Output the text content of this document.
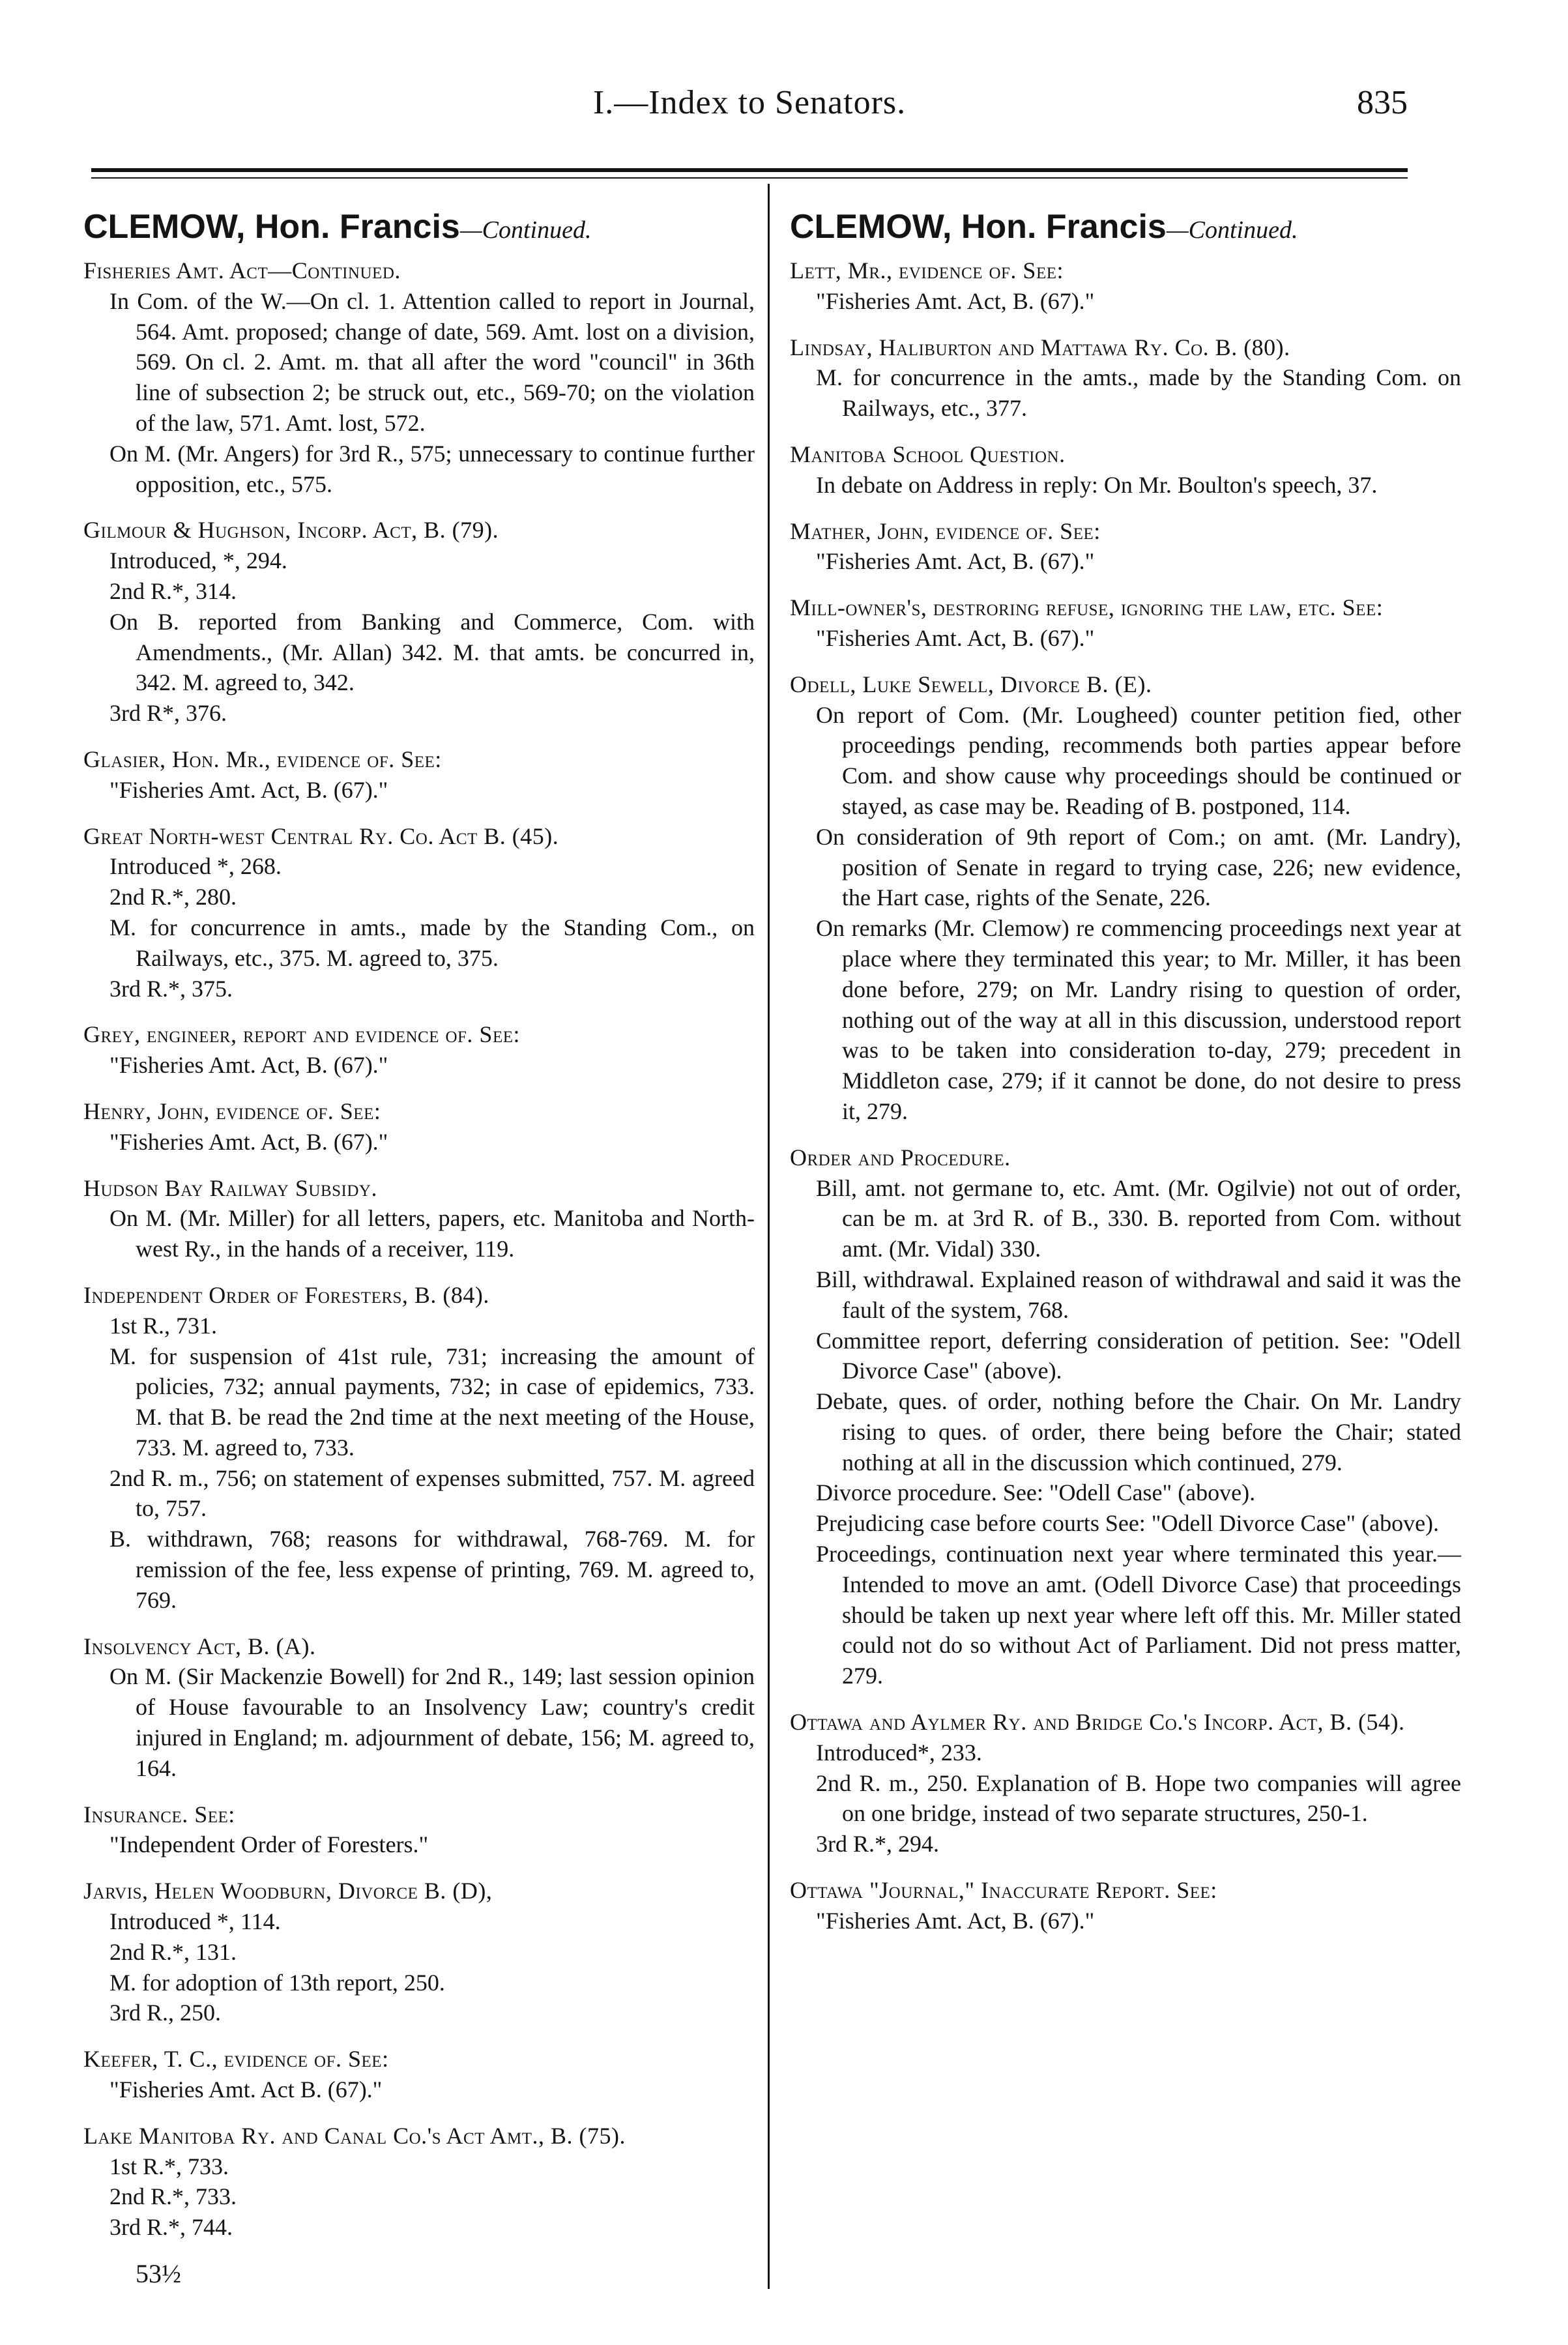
I.—Index to Senators.	835
CLEMOW, Hon. Francis—Continued.
Fisheries Amt. Act—Continued.
In Com. of the W.—On cl. 1. Attention called to report in Journal, 564. Amt. proposed; change of date, 569. Amt. lost on a division, 569. On cl. 2. Amt. m. that all after the word "council" in 36th line of subsection 2; be struck out, etc., 569-70; on the violation of the law, 571. Amt. lost, 572.
On M. (Mr. Angers) for 3rd R., 575; unnecessary to continue further opposition, etc., 575.
Gilmour & Hughson, Incorp. Act, B. (79).
Introduced, *, 294.
2nd R.*, 314.
On B. reported from Banking and Commerce, Com. with Amendments., (Mr. Allan) 342. M. that amts. be concurred in, 342. M. agreed to, 342.
3rd R*, 376.
Glasier, Hon. Mr., evidence of. See:
"Fisheries Amt. Act, B. (67)."
Great North-west Central Ry. Co. Act B. (45).
Introduced *, 268.
2nd R.*, 280.
M. for concurrence in amts., made by the Standing Com., on Railways, etc., 375. M. agreed to, 375.
3rd R.*, 375.
Grey, engineer, report and evidence of. See:
"Fisheries Amt. Act, B. (67)."
Henry, John, evidence of. See:
"Fisheries Amt. Act, B. (67)."
Hudson Bay Railway Subsidy.
On M. (Mr. Miller) for all letters, papers, etc. Manitoba and North-west Ry., in the hands of a receiver, 119.
Independent Order of Foresters, B. (84).
1st R., 731.
M. for suspension of 41st rule, 731; increasing the amount of policies, 732; annual payments, 732; in case of epidemics, 733. M. that B. be read the 2nd time at the next meeting of the House, 733. M. agreed to, 733.
2nd R. m., 756; on statement of expenses submitted, 757. M. agreed to, 757.
B. withdrawn, 768; reasons for withdrawal, 768-769. M. for remission of the fee, less expense of printing, 769. M. agreed to, 769.
Insolvency Act, B. (A).
On M. (Sir Mackenzie Bowell) for 2nd R., 149; last session opinion of House favourable to an Insolvency Law; country's credit injured in England; m. adjournment of debate, 156; M. agreed to, 164.
Insurance. See:
"Independent Order of Foresters."
Jarvis, Helen Woodburn, Divorce B. (D),
Introduced *, 114.
2nd R.*, 131.
M. for adoption of 13th report, 250.
3rd R., 250.
Keefer, T. C., evidence of. See:
"Fisheries Amt. Act B. (67)."
Lake Manitoba Ry. and Canal Co.'s Act Amt., B. (75).
1st R.*, 733.
2nd R.*, 733.
3rd R.*, 744.
53½
CLEMOW, Hon. Francis—Continued.
Lett, Mr., evidence of. See:
"Fisheries Amt. Act, B. (67)."
Lindsay, Haliburton and Mattawa Ry. Co. B. (80).
M. for concurrence in the amts., made by the Standing Com. on Railways, etc., 377.
Manitoba School Question.
In debate on Address in reply: On Mr. Boulton's speech, 37.
Mather, John, evidence of. See:
"Fisheries Amt. Act, B. (67)."
Mill-owner's, destroring refuse, ignoring the law, etc. See:
"Fisheries Amt. Act, B. (67)."
Odell, Luke Sewell, Divorce B. (E).
On report of Com. (Mr. Lougheed) counter petition fied, other proceedings pending, recommends both parties appear before Com. and show cause why proceedings should be continued or stayed, as case may be. Reading of B. postponed, 114.
On consideration of 9th report of Com.; on amt. (Mr. Landry), position of Senate in regard to trying case, 226; new evidence, the Hart case, rights of the Senate, 226.
On remarks (Mr. Clemow) re commencing proceedings next year at place where they terminated this year; to Mr. Miller, it has been done before, 279; on Mr. Landry rising to question of order, nothing out of the way at all in this discussion, understood report was to be taken into consideration to-day, 279; precedent in Middleton case, 279; if it cannot be done, do not desire to press it, 279.
Order and Procedure.
Bill, amt. not germane to, etc. Amt. (Mr. Ogilvie) not out of order, can be m. at 3rd R. of B., 330. B. reported from Com. without amt. (Mr. Vidal) 330.
Bill, withdrawal. Explained reason of withdrawal and said it was the fault of the system, 768.
Committee report, deferring consideration of petition. See: "Odell Divorce Case" (above).
Debate, ques. of order, nothing before the Chair. On Mr. Landry rising to ques. of order, there being before the Chair; stated nothing at all in the discussion which continued, 279.
Divorce procedure. See: "Odell Case" (above).
Prejudicing case before courts See: "Odell Divorce Case" (above).
Proceedings, continuation next year where terminated this year.—Intended to move an amt. (Odell Divorce Case) that proceedings should be taken up next year where left off this. Mr. Miller stated could not do so without Act of Parliament. Did not press matter, 279.
Ottawa and Aylmer Ry. and Bridge Co.'s Incorp. Act, B. (54).
Introduced*, 233.
2nd R. m., 250. Explanation of B. Hope two companies will agree on one bridge, instead of two separate structures, 250-1.
3rd R.*, 294.
Ottawa "Journal," Inaccurate Report. See:
"Fisheries Amt. Act, B. (67)."
